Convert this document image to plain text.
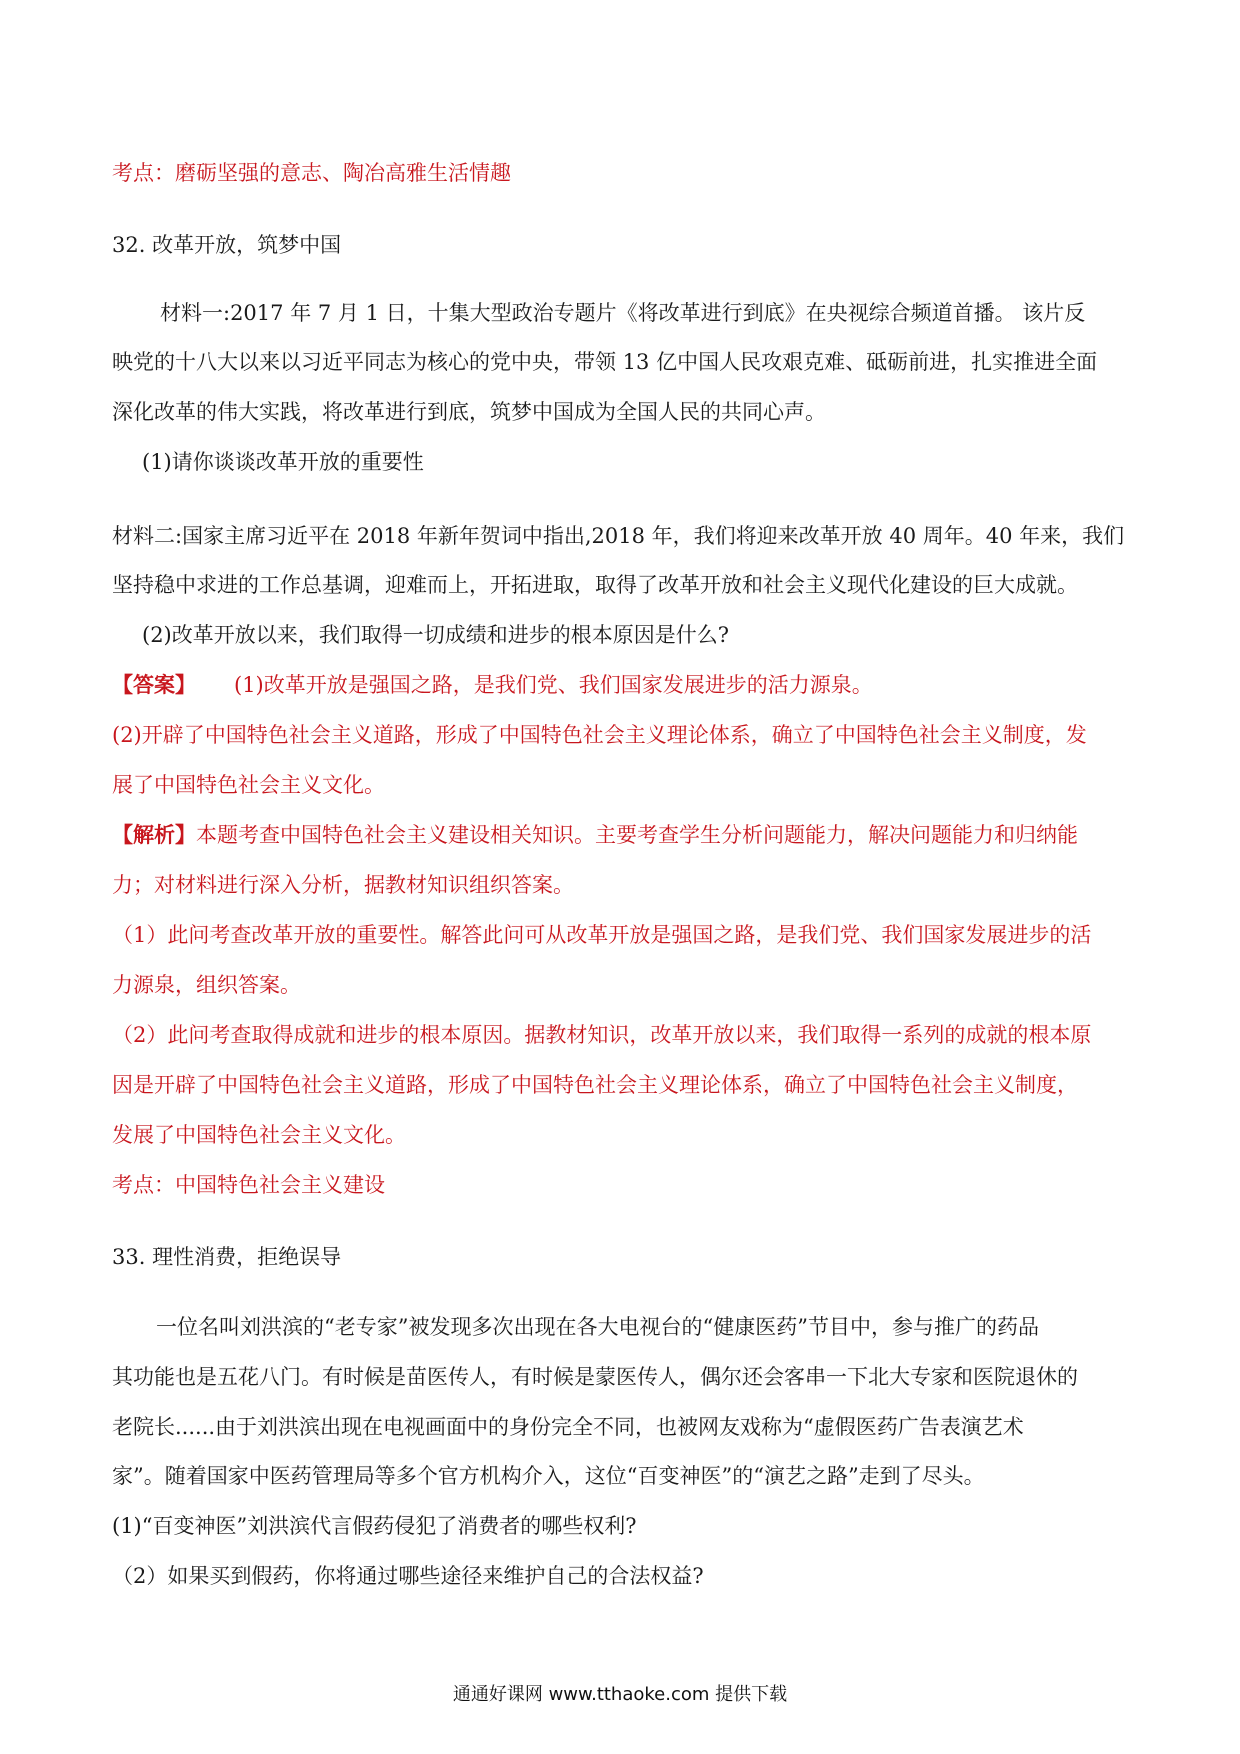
考点：磨砺坚强的意志、陶冶高雅生活情趣

32. 改革开放，筑梦中国

材料一:2017 年 7 月 1 日，十集大型政治专题片《将改革进行到底》在央视综合频道首播。 该片反

映党的十八大以来以习近平同志为核心的党中央，带领 13 亿中国人民攻艰克难、砥砺前进，扎实推进全面

深化改革的伟大实践，将改革进行到底，筑梦中国成为全国人民的共同心声。

(1)请你谈谈改革开放的重要性

材料二:国家主席习近平在 2018 年新年贺词中指出,2018 年，我们将迎来改革开放 40 周年。40 年来，我们

坚持稳中求进的工作总基调，迎难而上，开拓进取，取得了改革开放和社会主义现代化建设的巨大成就。

(2)改革开放以来，我们取得一切成绩和进步的根本原因是什么?

【答案】 (1)改革开放是强国之路，是我们党、我们国家发展进步的活力源泉。

(2)开辟了中国特色社会主义道路，形成了中国特色社会主义理论体系，确立了中国特色社会主义制度，发

展了中国特色社会主义文化。

【解析】本题考查中国特色社会主义建设相关知识。主要考查学生分析问题能力，解决问题能力和归纳能

力；对材料进行深入分析，据教材知识组织答案。

（1）此问考查改革开放的重要性。解答此问可从改革开放是强国之路，是我们党、我们国家发展进步的活

力源泉，组织答案。

（2）此问考查取得成就和进步的根本原因。据教材知识，改革开放以来，我们取得一系列的成就的根本原

因是开辟了中国特色社会主义道路，形成了中国特色社会主义理论体系，确立了中国特色社会主义制度，

发展了中国特色社会主义文化。

考点：中国特色社会主义建设

33. 理性消费，拒绝误导

一位名叫刘洪滨的“老专家”被发现多次出现在各大电视台的“健康医药”节目中，参与推广的药品

其功能也是五花八门。有时候是苗医传人，有时候是蒙医传人，偶尔还会客串一下北大专家和医院退休的

老院长......由于刘洪滨出现在电视画面中的身份完全不同，也被网友戏称为“虚假医药广告表演艺术

家”。随着国家中医药管理局等多个官方机构介入，这位“百变神医”的“演艺之路”走到了尽头。

(1)“百变神医”刘洪滨代言假药侵犯了消费者的哪些权利?

（2）如果买到假药，你将通过哪些途径来维护自己的合法权益?

通通好课网 www.tthaoke.com 提供下载
